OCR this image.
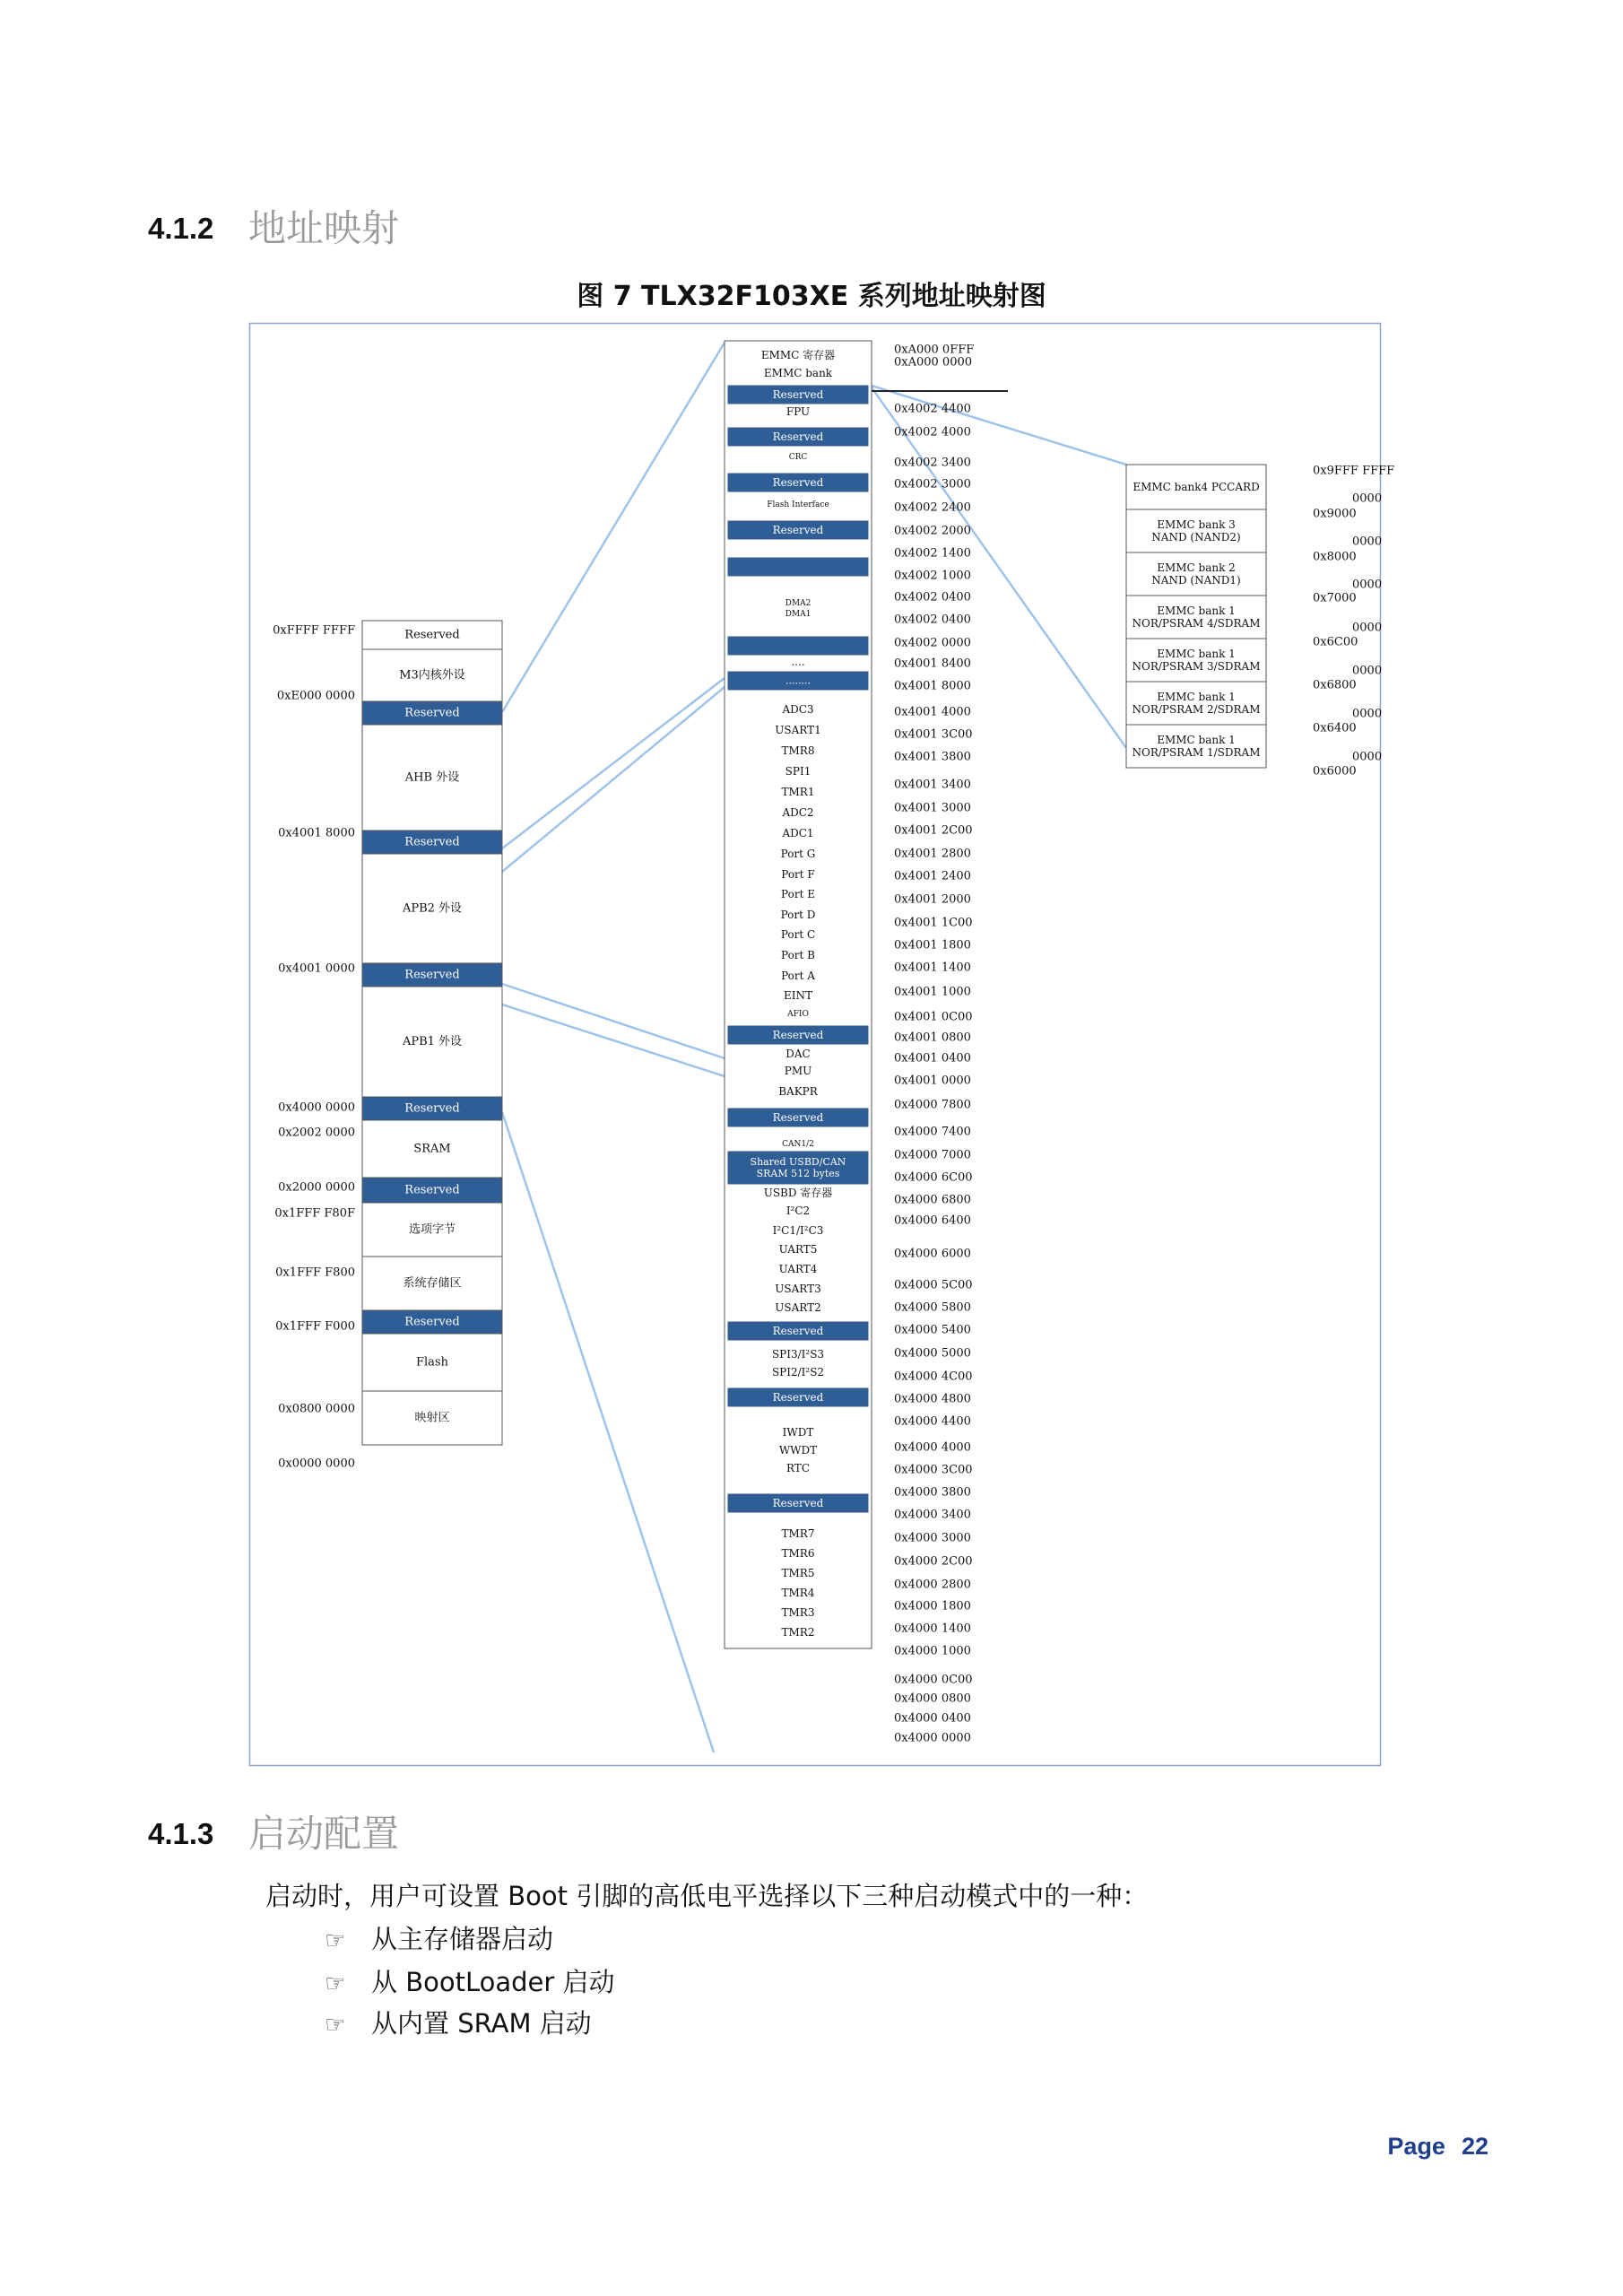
4.1.2 地址映射
图 7 TLX32F103XE 系列地址映射图
Reserved
M3内核外设
Reserved
AHB 外设
Reserved
APB2 外设
Reserved
APB1 外设
Reserved
SRAM
Reserved
选项字节
系统存储区
Reserved
Flash
映射区
0xFFFF FFFF
0xE000 0000
0x4001 8000
0x4001 0000
0x4000 0000
0x2002 0000
0x2000 0000
0x1FFF F80F
0x1FFF F800
0x1FFF F000
0x0800 0000
0x0000 0000
EMMC 寄存器
EMMC bank
Reserved
FPU
Reserved
CRC
Reserved
Flash Interface
Reserved
DMA2
DMA1
....
........
ADC3
USART1
TMR8
SPI1
TMR1
ADC2
ADC1
Port G
Port F
Port E
Port D
Port C
Port B
Port A
EINT
AFIO
Reserved
DAC
PMU
BAKPR
Reserved
CAN1/2
Shared USBD/CAN
SRAM 512 bytes
USBD 寄存器
I²C2
I²C1/I²C3
UART5
UART4
USART3
USART2
Reserved
SPI3/I²S3
SPI2/I²S2
Reserved
IWDT
WWDT
RTC
Reserved
TMR7
TMR6
TMR5
TMR4
TMR3
TMR2
0xA000 0FFF
0xA000 0000
0x4002 4400
0x4002 4000
0x4002 3400
0x4002 3000
0x4002 2400
0x4002 2000
0x4002 1400
0x4002 1000
0x4002 0400
0x4002 0400
0x4002 0000
0x4001 8400
0x4001 8000
0x4001 4000
0x4001 3C00
0x4001 3800
0x4001 3400
0x4001 3000
0x4001 2C00
0x4001 2800
0x4001 2400
0x4001 2000
0x4001 1C00
0x4001 1800
0x4001 1400
0x4001 1000
0x4001 0C00
0x4001 0800
0x4001 0400
0x4001 0000
0x4000 7800
0x4000 7400
0x4000 7000
0x4000 6C00
0x4000 6800
0x4000 6400
0x4000 6000
0x4000 5C00
0x4000 5800
0x4000 5400
0x4000 5000
0x4000 4C00
0x4000 4800
0x4000 4400
0x4000 4000
0x4000 3C00
0x4000 3800
0x4000 3400
0x4000 3000
0x4000 2C00
0x4000 2800
0x4000 1800
0x4000 1400
0x4000 1000
0x4000 0C00
0x4000 0800
0x4000 0400
0x4000 0000
EMMC bank4 PCCARD
EMMC bank 3
NAND (NAND2)
EMMC bank 2
NAND (NAND1)
EMMC bank 1
NOR/PSRAM 4/SDRAM
EMMC bank 1
NOR/PSRAM 3/SDRAM
EMMC bank 1
NOR/PSRAM 2/SDRAM
EMMC bank 1
NOR/PSRAM 1/SDRAM
0x9FFF FFFF
0000
0x9000
0000
0x8000
0000
0x7000
0000
0x6C00
0000
0x6800
0000
0x6400
0000
0x6000
4.1.3 启动配置
启动时，用户可设置 Boot 引脚的高低电平选择以下三种启动模式中的一种：
☞ 从主存储器启动
☞ 从 BootLoader 启动
☞ 从内置 SRAM 启动
Page 22
